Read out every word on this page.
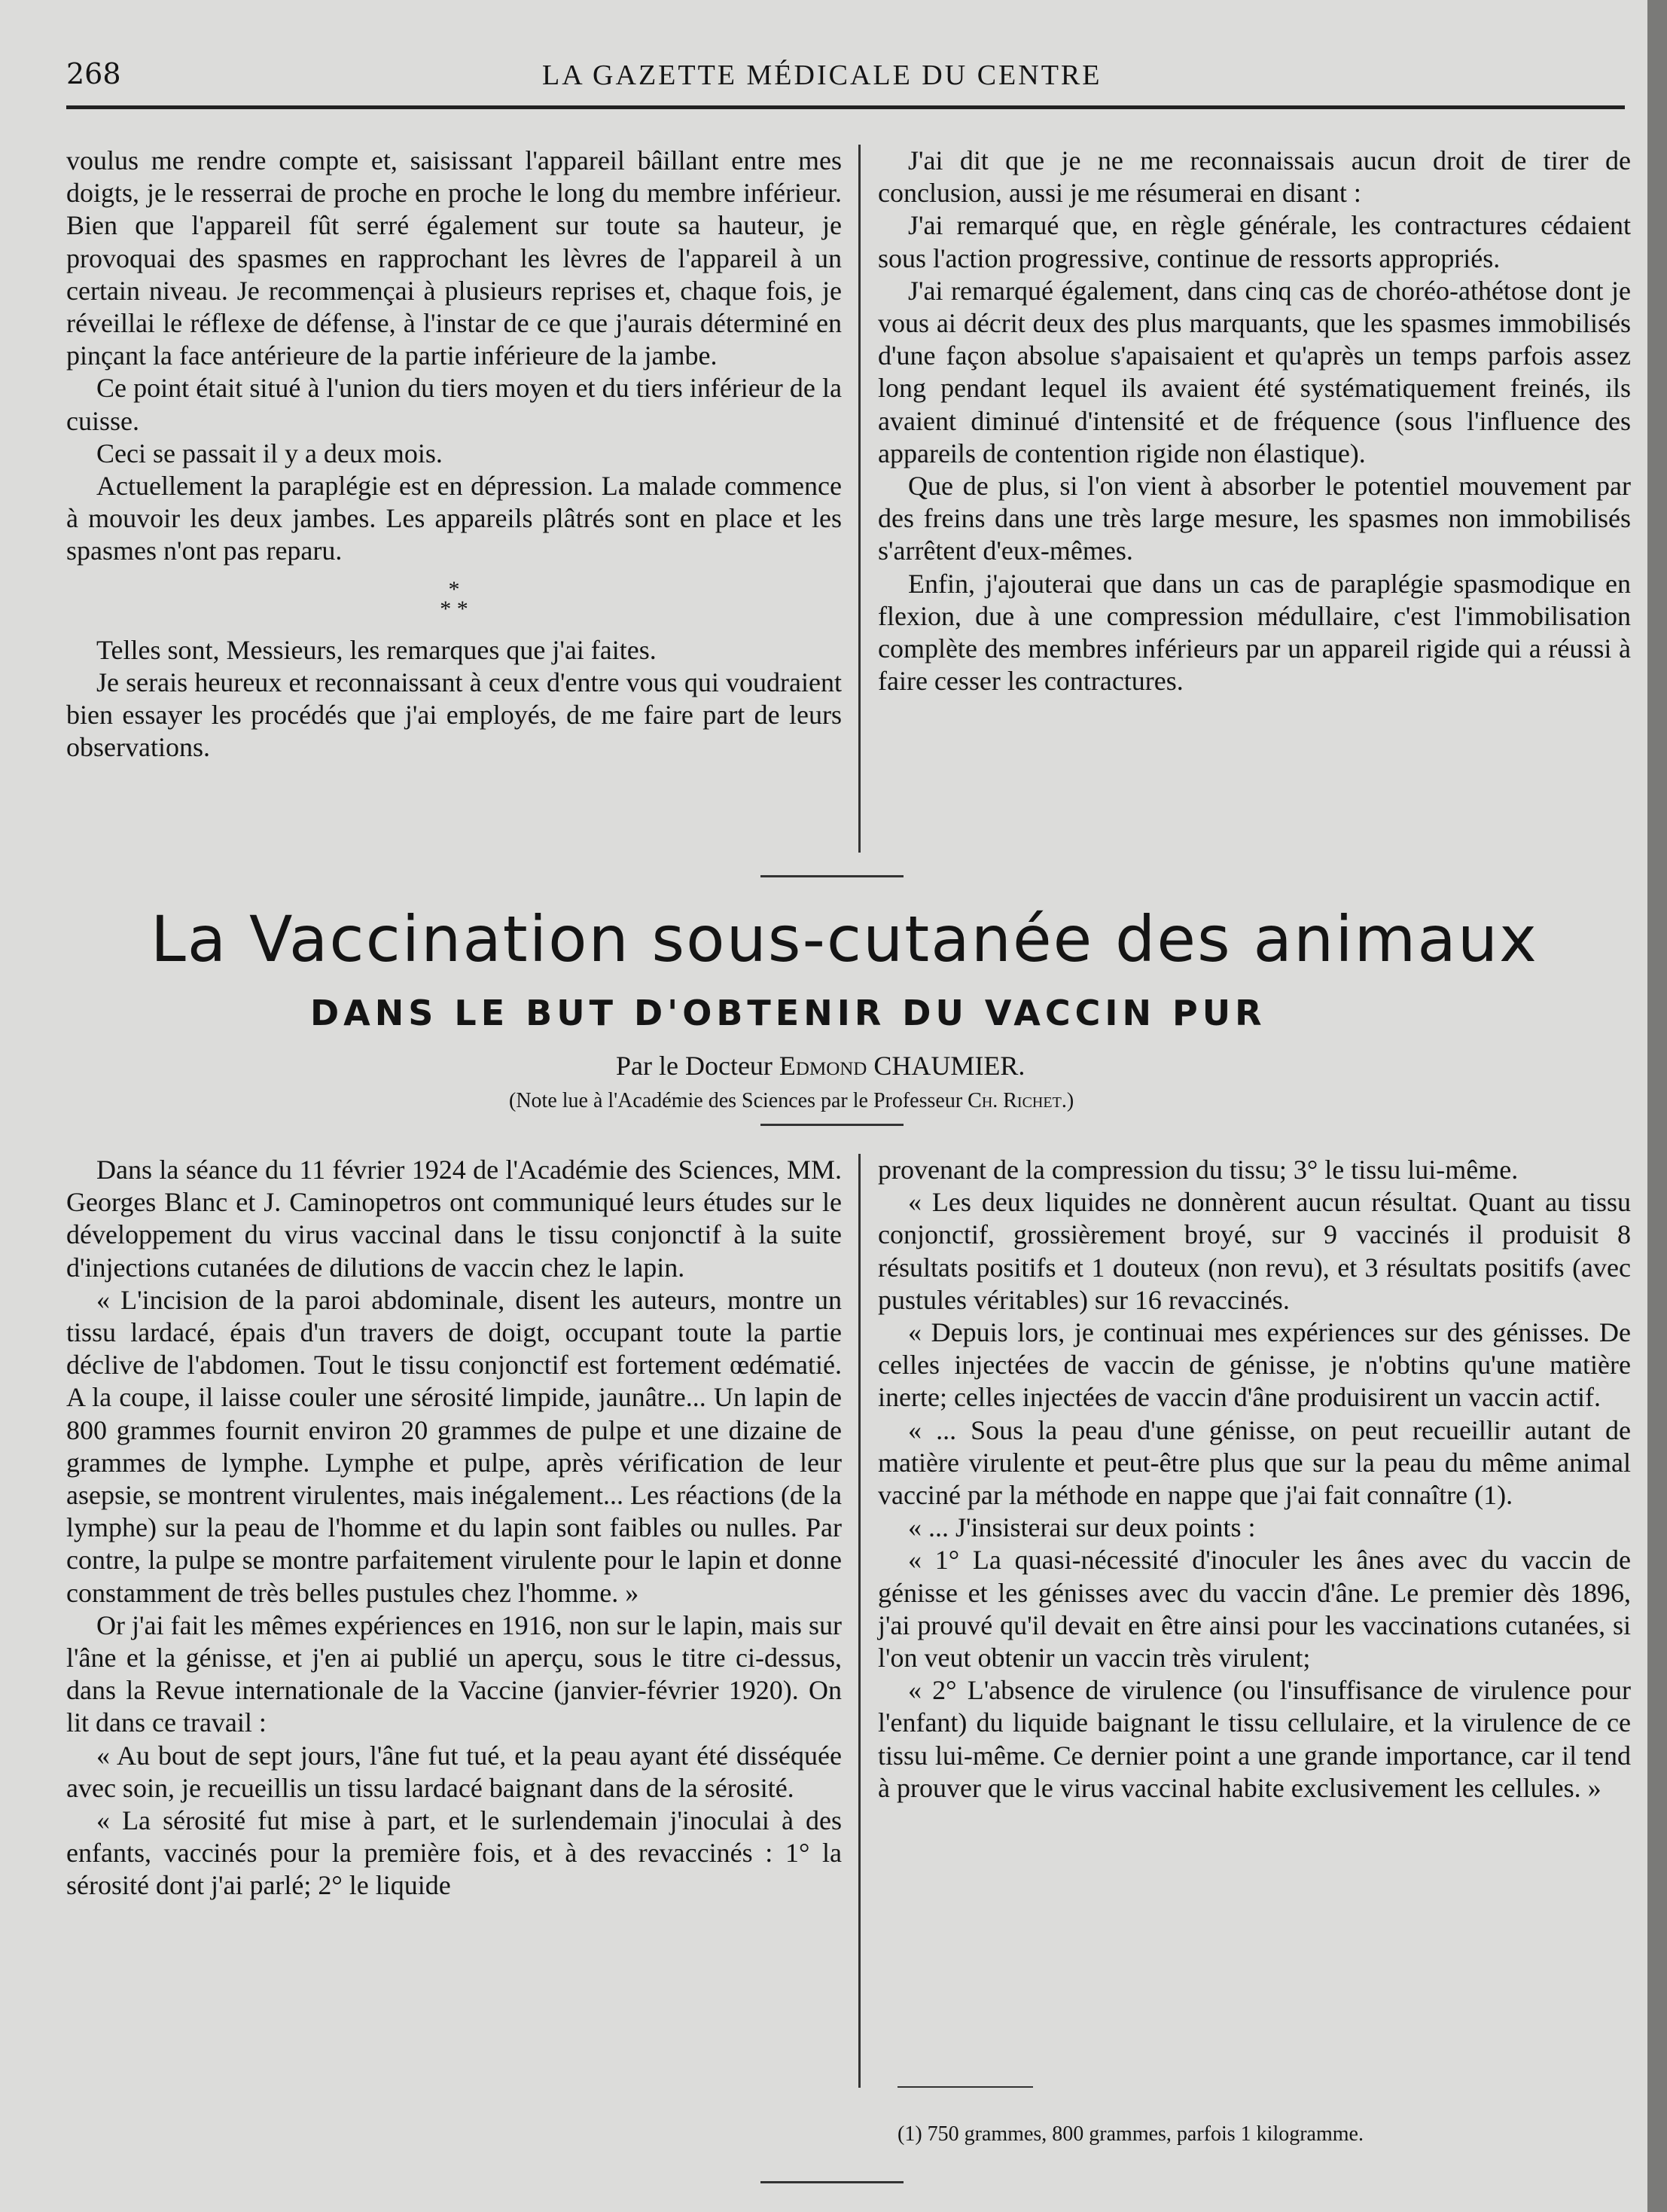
268	LA GAZETTE MÉDICALE DU CENTRE

voulus me rendre compte et, saisissant l'appareil bâillant entre mes doigts, je le resserrai de proche en proche le long du membre inférieur. Bien que l'appareil fût serré également sur toute sa hauteur, je provoquai des spasmes en rapprochant les lèvres de l'appareil à un certain niveau. Je recommençai à plusieurs reprises et, chaque fois, je réveillai le réflexe de défense, à l'instar de ce que j'aurais déterminé en pinçant la face antérieure de la partie inférieure de la jambe.

Ce point était situé à l'union du tiers moyen et du tiers inférieur de la cuisse.

Ceci se passait il y a deux mois.

Actuellement la paraplégie est en dépression. La malade commence à mouvoir les deux jambes. Les appareils plâtrés sont en place et les spasmes n'ont pas reparu.

*
* *

Telles sont, Messieurs, les remarques que j'ai faites.

Je serais heureux et reconnaissant à ceux d'entre vous qui voudraient bien essayer les procédés que j'ai employés, de me faire part de leurs observations.

J'ai dit que je ne me reconnaissais aucun droit de tirer de conclusion, aussi je me résumerai en disant :

J'ai remarqué que, en règle générale, les contractures cédaient sous l'action progressive, continue de ressorts appropriés.

J'ai remarqué également, dans cinq cas de choréo-athétose dont je vous ai décrit deux des plus marquants, que les spasmes immobilisés d'une façon absolue s'apaisaient et qu'après un temps parfois assez long pendant lequel ils avaient été systématiquement freinés, ils avaient diminué d'intensité et de fréquence (sous l'influence des appareils de contention rigide non élastique).

Que de plus, si l'on vient à absorber le potentiel mouvement par des freins dans une très large mesure, les spasmes non immobilisés s'arrêtent d'eux-mêmes.

Enfin, j'ajouterai que dans un cas de paraplégie spasmodique en flexion, due à une compression médullaire, c'est l'immobilisation complète des membres inférieurs par un appareil rigide qui a réussi à faire cesser les contractures.

La Vaccination sous-cutanée des animaux
DANS LE BUT D'OBTENIR DU VACCIN PUR
Par le Docteur Edmond CHAUMIER.
(Note lue à l'Académie des Sciences par le Professeur Ch. Richet.)

Dans la séance du 11 février 1924 de l'Académie des Sciences, MM. Georges Blanc et J. Caminopetros ont communiqué leurs études sur le développement du virus vaccinal dans le tissu conjonctif à la suite d'injections cutanées de dilutions de vaccin chez le lapin.

« L'incision de la paroi abdominale, disent les auteurs, montre un tissu lardacé, épais d'un travers de doigt, occupant toute la partie déclive de l'abdomen. Tout le tissu conjonctif est fortement œdématié. A la coupe, il laisse couler une sérosité limpide, jaunâtre... Un lapin de 800 grammes fournit environ 20 grammes de pulpe et une dizaine de grammes de lymphe. Lymphe et pulpe, après vérification de leur asepsie, se montrent virulentes, mais inégalement... Les réactions (de la lymphe) sur la peau de l'homme et du lapin sont faibles ou nulles. Par contre, la pulpe se montre parfaitement virulente pour le lapin et donne constamment de très belles pustules chez l'homme. »

Or j'ai fait les mêmes expériences en 1916, non sur le lapin, mais sur l'âne et la génisse, et j'en ai publié un aperçu, sous le titre ci-dessus, dans la Revue internationale de la Vaccine (janvier-février 1920). On lit dans ce travail :

« Au bout de sept jours, l'âne fut tué, et la peau ayant été disséquée avec soin, je recueillis un tissu lardacé baignant dans de la sérosité.

« La sérosité fut mise à part, et le surlendemain j'inoculai à des enfants, vaccinés pour la première fois, et à des revaccinés : 1° la sérosité dont j'ai parlé; 2° le liquide

provenant de la compression du tissu; 3° le tissu lui-même.

« Les deux liquides ne donnèrent aucun résultat. Quant au tissu conjonctif, grossièrement broyé, sur 9 vaccinés il produisit 8 résultats positifs et 1 douteux (non revu), et 3 résultats positifs (avec pustules véritables) sur 16 revaccinés.

« Depuis lors, je continuai mes expériences sur des génisses. De celles injectées de vaccin de génisse, je n'obtins qu'une matière inerte; celles injectées de vaccin d'âne produisirent un vaccin actif.

« ... Sous la peau d'une génisse, on peut recueillir autant de matière virulente et peut-être plus que sur la peau du même animal vacciné par la méthode en nappe que j'ai fait connaître (1).

« ... J'insisterai sur deux points :

« 1° La quasi-nécessité d'inoculer les ânes avec du vaccin de génisse et les génisses avec du vaccin d'âne. Le premier dès 1896, j'ai prouvé qu'il devait en être ainsi pour les vaccinations cutanées, si l'on veut obtenir un vaccin très virulent;

« 2° L'absence de virulence (ou l'insuffisance de virulence pour l'enfant) du liquide baignant le tissu cellulaire, et la virulence de ce tissu lui-même. Ce dernier point a une grande importance, car il tend à prouver que le virus vaccinal habite exclusivement les cellules. »

(1) 750 grammes, 800 grammes, parfois 1 kilogramme.
